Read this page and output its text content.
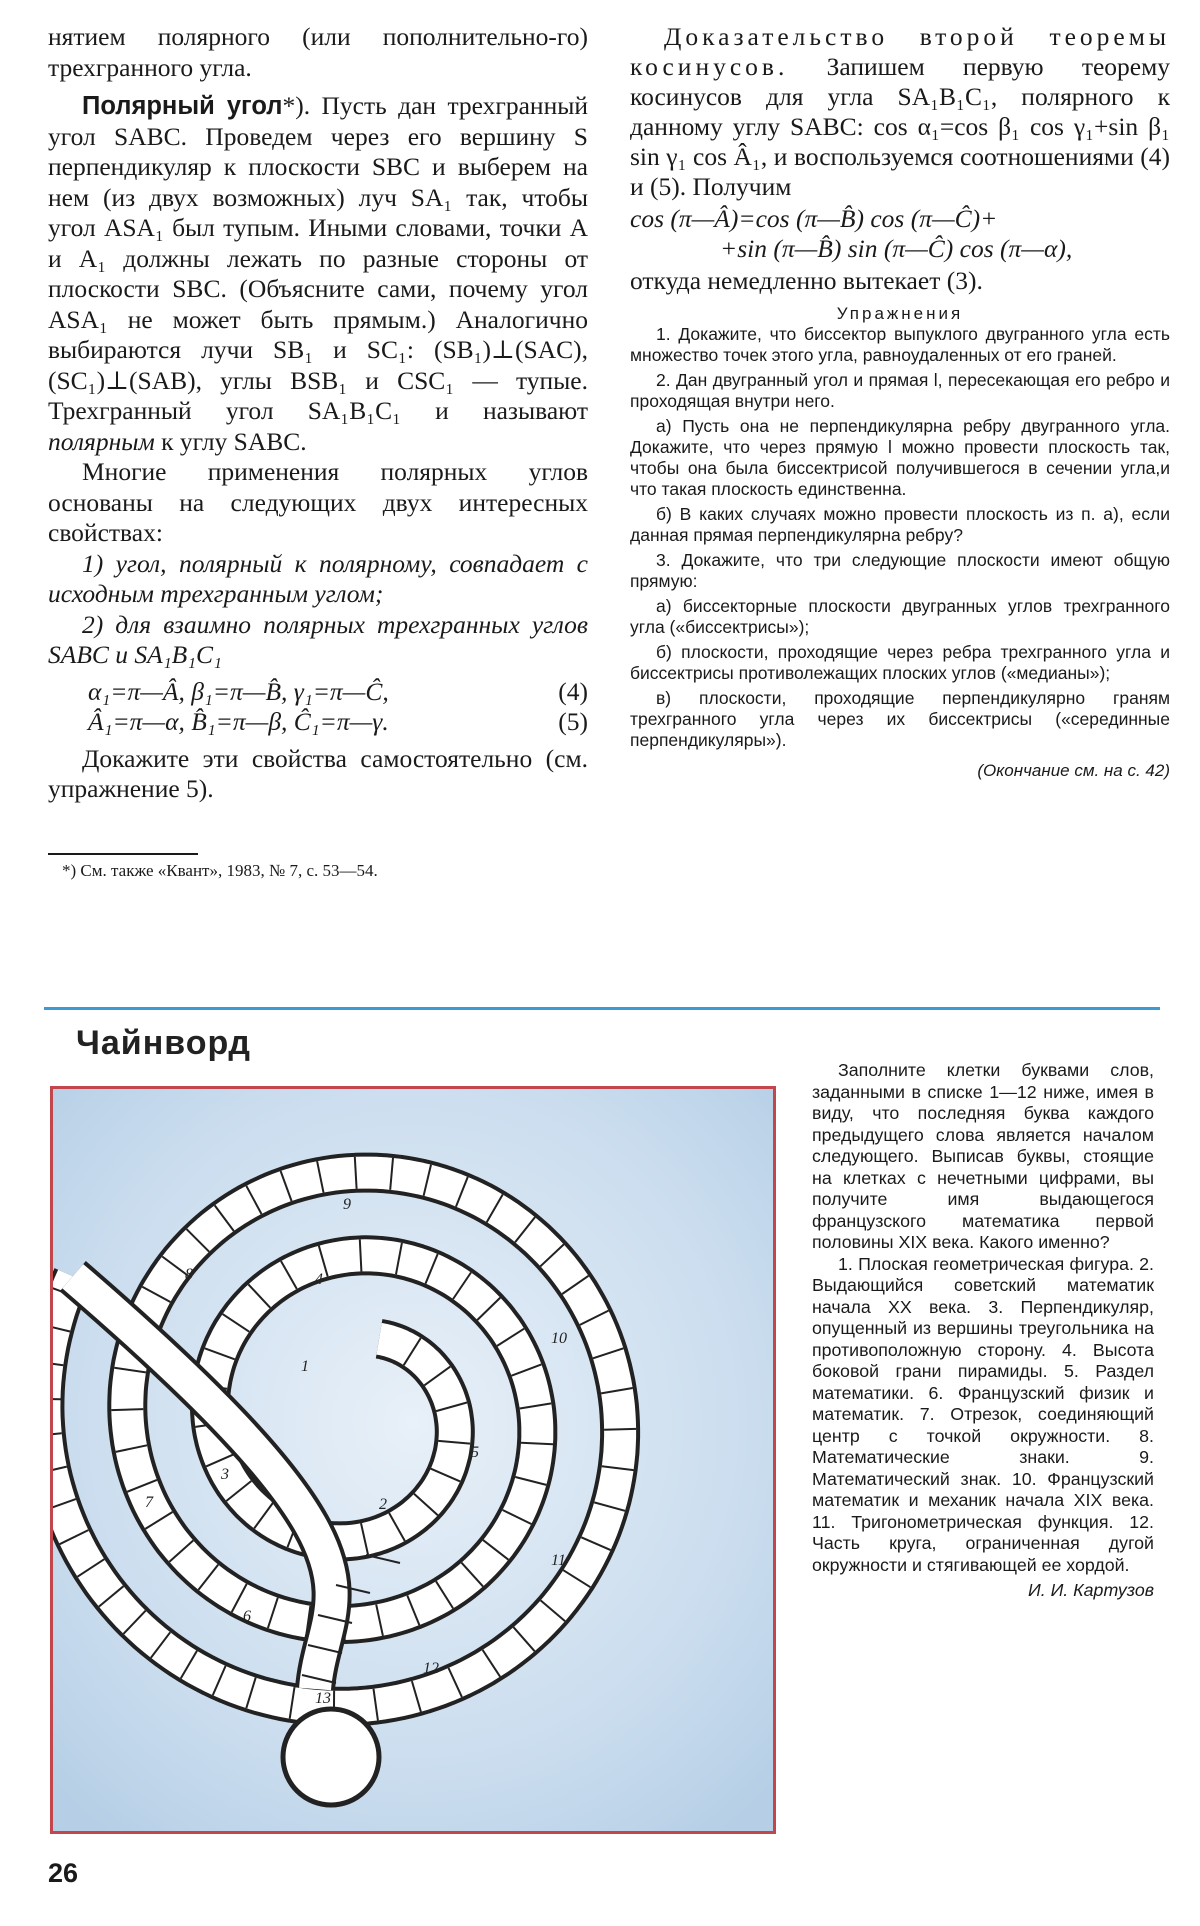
нятием полярного (или пополнительно-го) трехгранного угла.

Полярный угол*). Пусть дан трехгранный угол SABC. Проведем через его вершину S перпендикуляр к плоскости SBC и выберем на нем (из двух возможных) луч SA₁ так, чтобы угол ASA₁ был тупым. Иными словами, точки A и A₁ должны лежать по разные стороны от плоскости SBC. (Объясните сами, почему угол ASA₁ не может быть прямым.) Аналогично выбираются лучи SB₁ и SC₁: (SB₁)⊥(SAC), (SC₁)⊥(SAB), углы BSB₁ и CSC₁ — тупые. Трехгранный угол SA₁B₁C₁ и называют полярным к углу SABC.

Многие применения полярных углов основаны на следующих двух интересных свойствах:

1) угол, полярный к полярному, совпадает с исходным трехгранным углом;

2) для взаимно полярных трехгранных углов SABC и SA₁B₁C₁

α₁=π—Â, β₁=π—B̂, γ₁=π—Ĉ,	(4)
Â₁=π—α, B̂₁=π—β, Ĉ₁=π—γ.	(5)

Докажите эти свойства самостоятельно (см. упражнение 5).

*) См. также «Квант», 1983, № 7, с. 53—54.

Доказательство второй теоремы косинусов. Запишем первую теорему косинусов для угла SA₁B₁C₁, полярного к данному углу SABC: cos α₁=cos β₁ cos γ₁+sin β₁ sin γ₁ cos Â₁, и воспользуемся соотношениями (4) и (5). Получим

cos (π—Â)=cos (π—B̂) cos (π—Ĉ)+
+sin (π—B̂) sin (π—Ĉ) cos (π—α),

откуда немедленно вытекает (3).

Упражнения

1. Докажите, что биссектор выпуклого двугранного угла есть множество точек этого угла, равноудаленных от его граней.

2. Дан двугранный угол и прямая l, пересекающая его ребро и проходящая внутри него.

а) Пусть она не перпендикулярна ребру двугранного угла. Докажите, что через прямую l можно провести плоскость так, чтобы она была биссектрисой получившегося в сечении угла,и что такая плоскость единственна.

б) В каких случаях можно провести плоскость из п. а), если данная прямая перпендикулярна ребру?

3. Докажите, что три следующие плоскости имеют общую прямую:

а) биссекторные плоскости двугранных углов трехгранного угла («биссектрисы»);

б) плоскости, проходящие через ребра трехгранного угла и биссектрисы противолежащих плоских углов («медианы»);

в) плоскости, проходящие перпендикулярно граням трехгранного угла через их биссектрисы («серединные перпендикуляры»).

(Окончание см. на с. 42)

Чайнворд
1
2
3
4
5
6
7
8
9
10
11
12
13

Заполните клетки буквами слов, заданными в списке 1—12 ниже, имея в виду, что последняя буква каждого предыдущего слова является началом следующего. Выписав буквы, стоящие на клетках с нечетными цифрами, вы получите имя выдающегося французского математика первой половины XIX века. Какого именно?

1. Плоская геометрическая фигура. 2. Выдающийся советский математик начала XX века. 3. Перпендикуляр, опущенный из вершины треугольника на противоположную сторону. 4. Высота боковой грани пирамиды. 5. Раздел математики. 6. Французский физик и математик. 7. Отрезок, соединяющий центр с точкой окружности. 8. Математические знаки. 9. Математический знак. 10. Французский математик и механик начала XIX века. 11. Тригонометрическая функция. 12. Часть круга, ограниченная дугой окружности и стягивающей ее хордой.

И. И. Картузов

26
